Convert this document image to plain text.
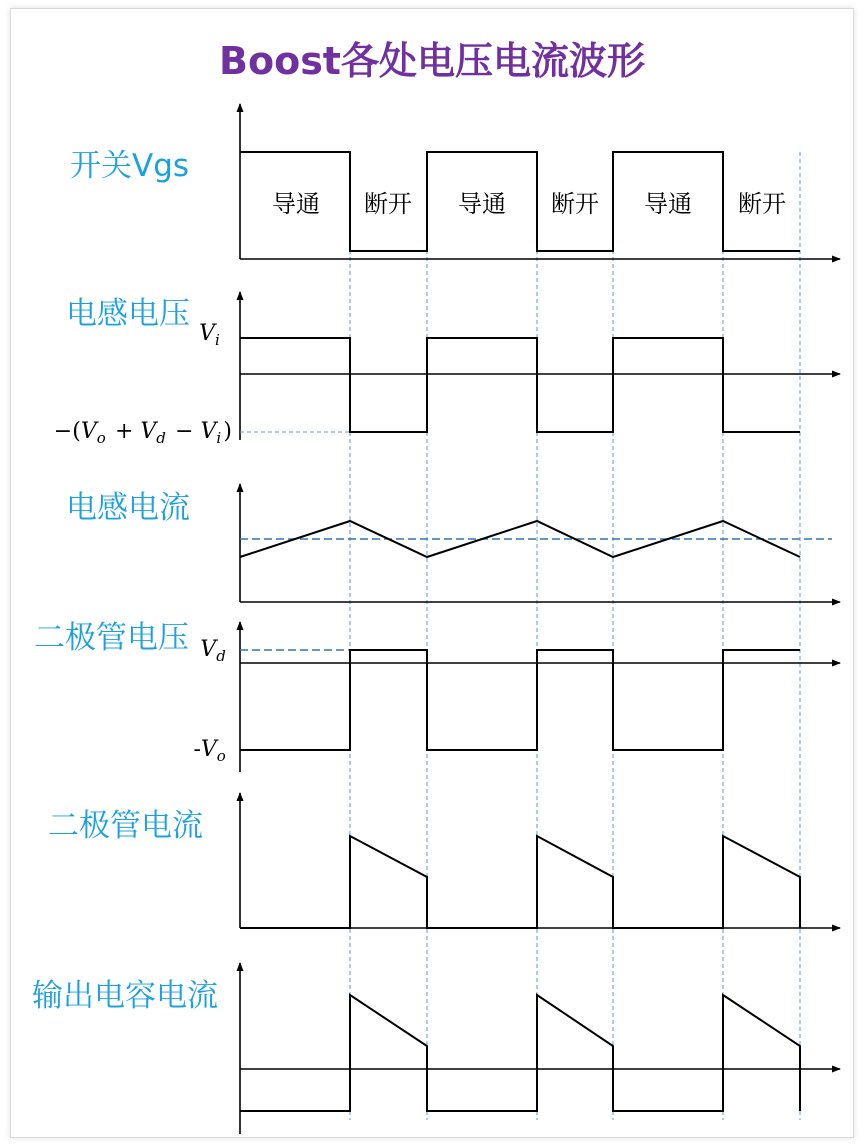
Boost各处电压电流波形
开关Vgs
电感电压
电感电流
二极管电压
二极管电流
输出电容电流
导通 断开 导通 断开 导通 断开
$V_i$ 
$-(V_o$  + $V_d$  − $V_i$  )
$V_d$ 
$-V_o$ 
